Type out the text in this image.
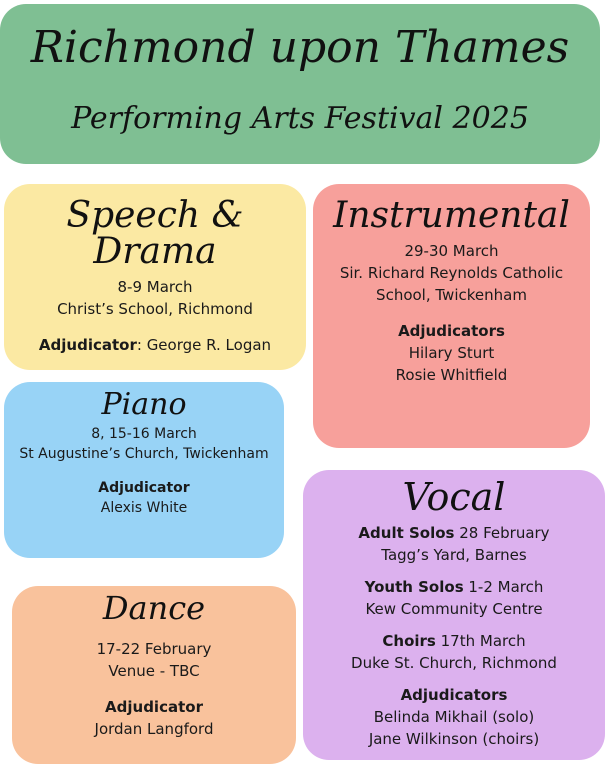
Richmond upon Thames
Performing Arts Festival 2025
Speech & Drama
8-9 March
Christ’s School, Richmond
Adjudicator: George R. Logan
Instrumental
29-30 March
Sir. Richard Reynolds Catholic
School, Twickenham
Adjudicators
Hilary Sturt
Rosie Whitfield
Piano
8, 15-16 March
St Augustine’s Church, Twickenham
Adjudicator
Alexis White	Vocal
Adult Solos 28 February
Tagg’s Yard, Barnes
Youth Solos 1-2 March
Kew Community Centre
Choirs 17th March
Duke St. Church, Richmond
Adjudicators
Belinda Mikhail (solo)
Jane Wilkinson (choirs)
Dance
17-22 February
Venue - TBC
Adjudicator
Jordan Langford
